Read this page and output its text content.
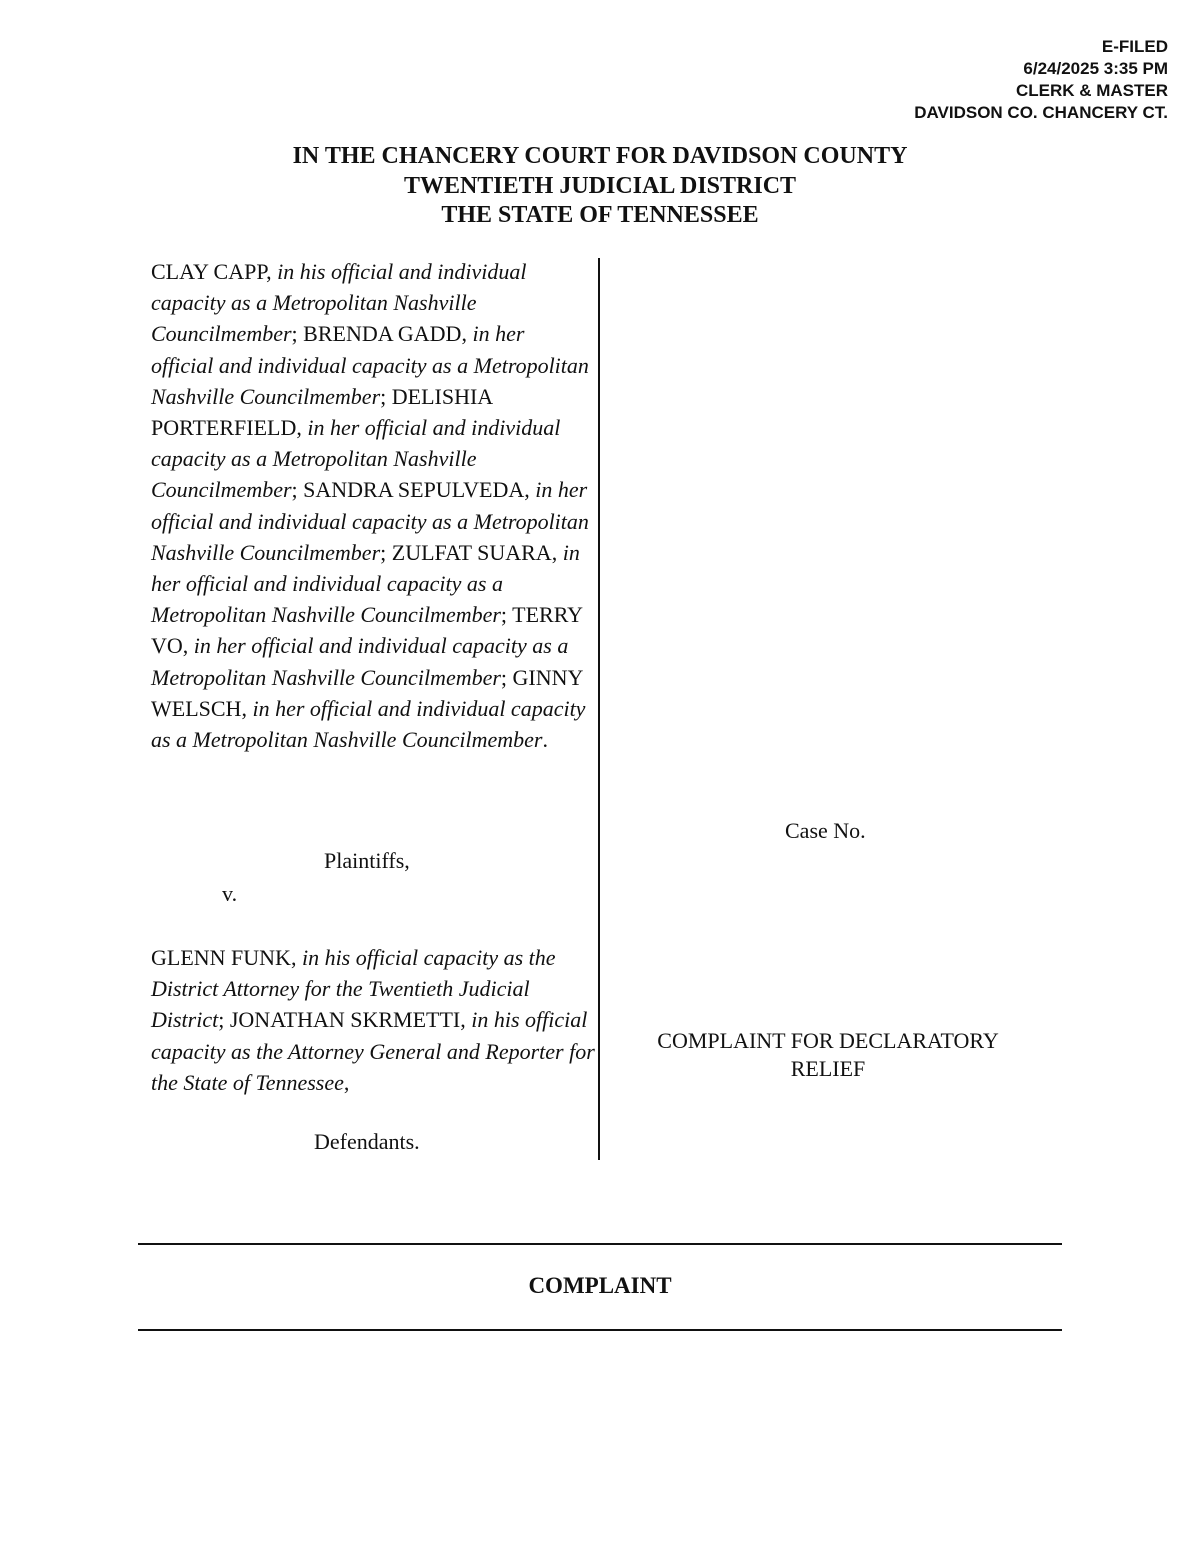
E-FILED
6/24/2025 3:35 PM
CLERK & MASTER
DAVIDSON CO. CHANCERY CT.
IN THE CHANCERY COURT FOR DAVIDSON COUNTY
TWENTIETH JUDICIAL DISTRICT
THE STATE OF TENNESSEE
CLAY CAPP, in his official and individual capacity as a Metropolitan Nashville Councilmember; BRENDA GADD, in her official and individual capacity as a Metropolitan Nashville Councilmember; DELISHIA PORTERFIELD, in her official and individual capacity as a Metropolitan Nashville Councilmember; SANDRA SEPULVEDA, in her official and individual capacity as a Metropolitan Nashville Councilmember; ZULFAT SUARA, in her official and individual capacity as a Metropolitan Nashville Councilmember; TERRY VO, in her official and individual capacity as a Metropolitan Nashville Councilmember; GINNY WELSCH, in her official and individual capacity as a Metropolitan Nashville Councilmember.
Plaintiffs,
v.
GLENN FUNK, in his official capacity as the District Attorney for the Twentieth Judicial District; JONATHAN SKRMETTI, in his official capacity as the Attorney General and Reporter for the State of Tennessee,
Defendants.
Case No.
COMPLAINT FOR DECLARATORY
RELIEF
COMPLAINT
